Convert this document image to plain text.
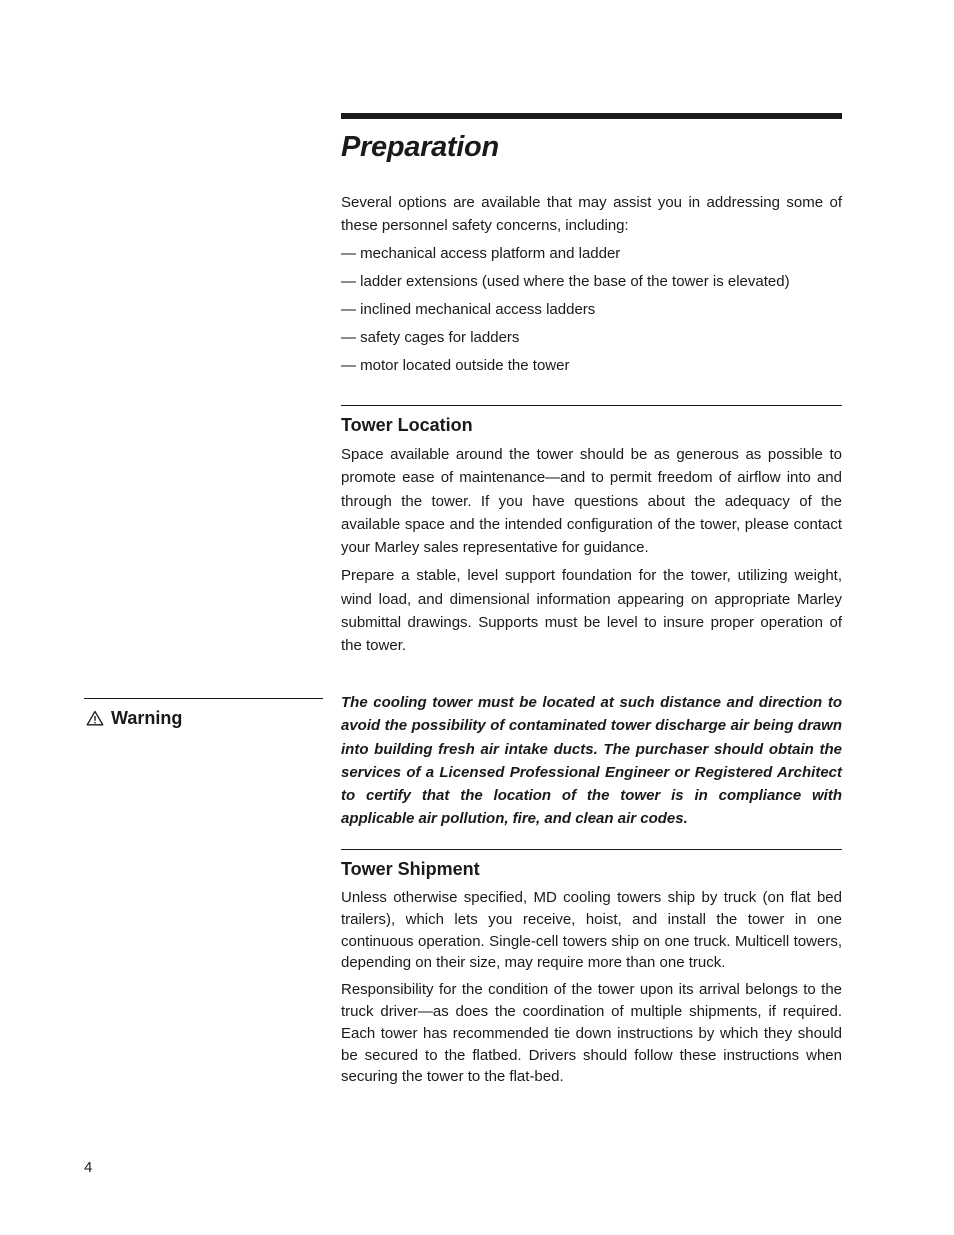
Preparation

Several options are available that may assist you in addressing some of these personnel safety concerns, including:

— mechanical access platform and ladder
— ladder extensions (used where the base of the tower is elevated)
— inclined mechanical access ladders
— safety cages for ladders
— motor located outside the tower
Tower Location

Space available around the tower should be as generous as possible to promote ease of maintenance—and to permit freedom of airflow into and through the tower. If you have questions about the adequacy of the available space and the intended configuration of the tower, please contact your Marley sales representative for guidance.

Prepare a stable, level support foundation for the tower, utilizing weight, wind load, and dimensional information appearing on appropriate Marley submittal drawings. Supports must be level to insure proper operation of the tower.

Warning

The cooling tower must be located at such distance and direction to avoid the possibility of contaminated tower discharge air being drawn into building fresh air intake ducts. The purchaser should obtain the services of a Licensed Professional Engineer or Registered Architect to certify that the location of the tower is in compliance with applicable air pollution, fire, and clean air codes.

Tower Shipment

Unless otherwise specified, MD cooling towers ship by truck (on flat bed trailers), which lets you receive, hoist, and install the tower in one continuous operation. Single-cell towers ship on one truck. Multicell towers, depending on their size, may require more than one truck.

Responsibility for the condition of the tower upon its arrival belongs to the truck driver—as does the coordination of multiple shipments, if required. Each tower has recommended tie down instructions by which they should be secured to the flatbed. Drivers should follow these instructions when securing the tower to the flat-bed.

4
